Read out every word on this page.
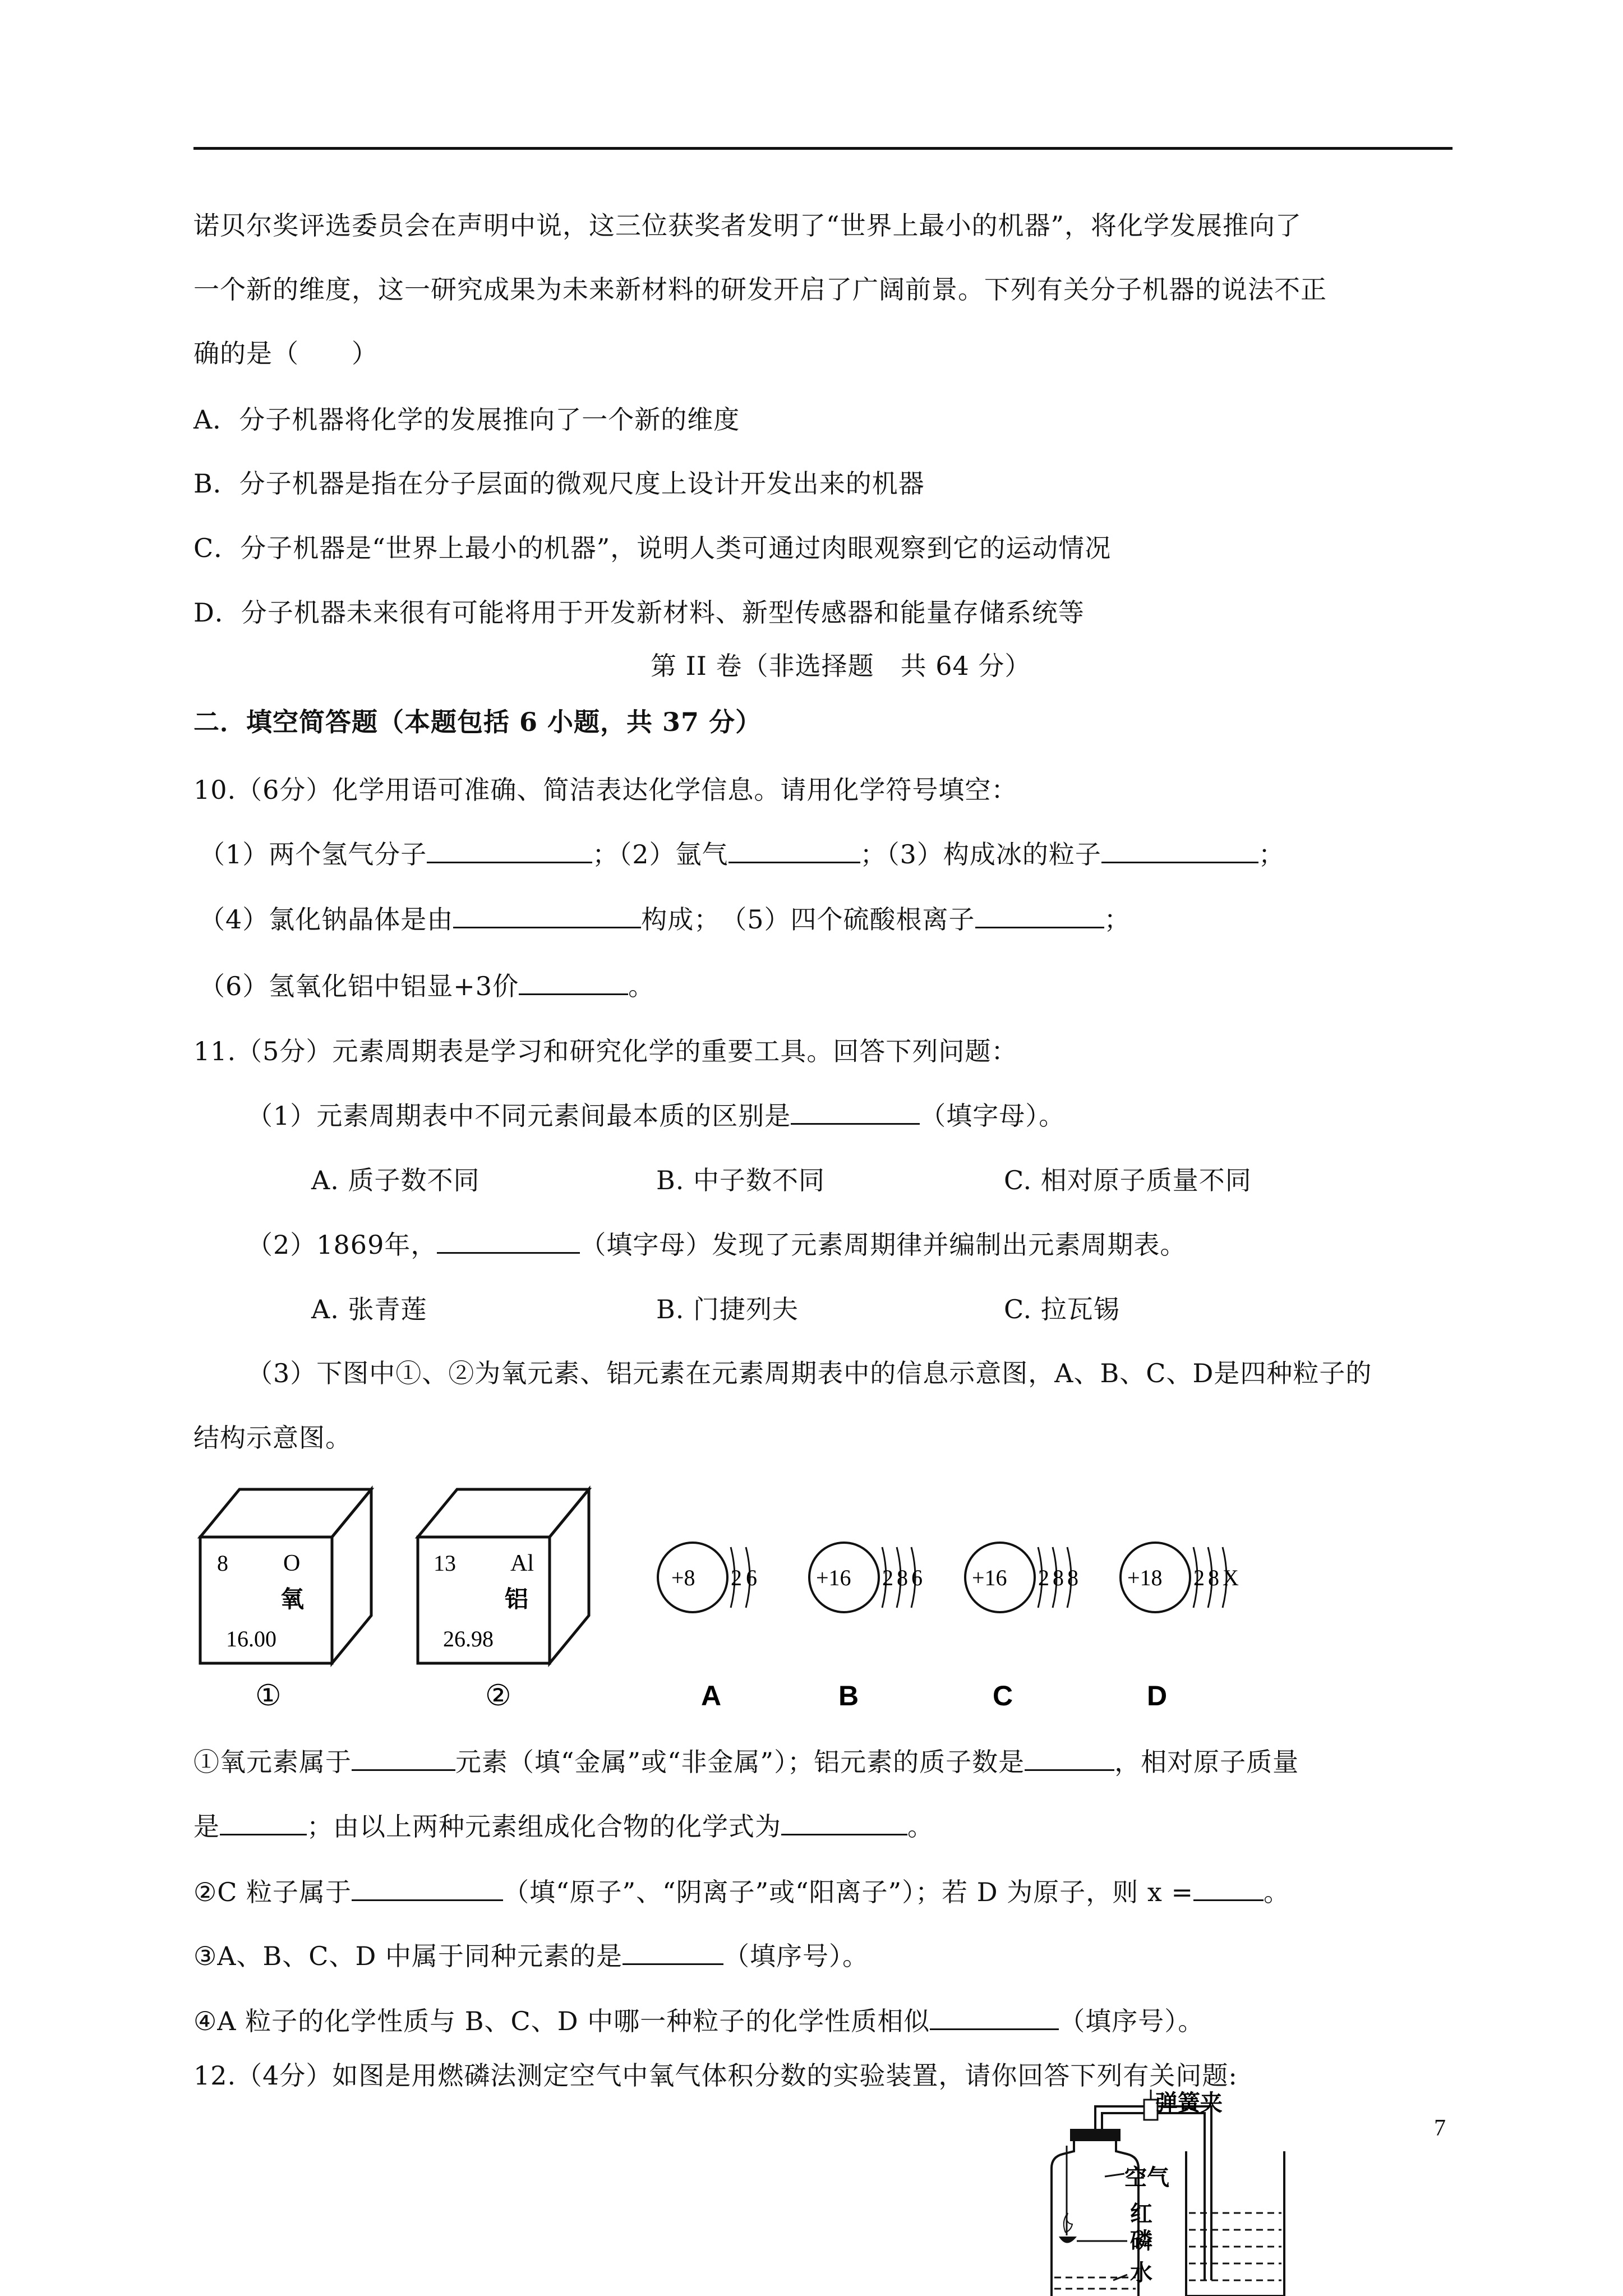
诺贝尔奖评选委员会在声明中说，这三位获奖者发明了“世界上最小的机器”，将化学发展推向了
一个新的维度，这一研究成果为未来新材料的研发开启了广阔前景。下列有关分子机器的说法不正
确的是（　　）
A．分子机器将化学的发展推向了一个新的维度
B．分子机器是指在分子层面的微观尺度上设计开发出来的机器
C．分子机器是“世界上最小的机器”，说明人类可通过肉眼观察到它的运动情况
D．分子机器未来很有可能将用于开发新材料、新型传感器和能量存储系统等
第 II 卷（非选择题　共 64 分）
二．填空简答题（本题包括 6 小题，共 37 分）
10.（6分）化学用语可准确、简洁表达化学信息。请用化学符号填空：
（1）两个氢气分子	；（2）氩气	；（3）构成冰的粒子	；
（4）氯化钠晶体是由	构成；　（5）四个硫酸根离子	；
（6）氢氧化铝中铝显+3价	。
11.（5分）元素周期表是学习和研究化学的重要工具。回答下列问题：
（1）元素周期表中不同元素间最本质的区别是	（填字母）。
A. 质子数不同	B. 中子数不同	C. 相对原子质量不同
（2）1869年，	（填字母）发现了元素周期律并编制出元素周期表。
A. 张青莲	B. 门捷列夫	C. 拉瓦锡
（3）下图中①、②为氧元素、铝元素在元素周期表中的信息示意图，A、B、C、D是四种粒子的
结构示意图。
8 O
氧
16.00
①
13 Al
铝
26.98
②
+8 2 6
A
+16 2 8 6
B
+16 2 8 8
C
+18 2 8 X
D
①氧元素属于	元素（填“金属”或“非金属”）；铝元素的质子数是	，相对原子质量
是	；由以上两种元素组成化合物的化学式为	。
②C 粒子属于	（填“原子”、“阴离子”或“阳离子”）；若 D 为原子，则 x =	。
③A、B、C、D 中属于同种元素的是	（填序号）。
④A 粒子的化学性质与 B、C、D 中哪一种粒子的化学性质相似	（填序号）。
12.（4分）如图是用燃磷法测定空气中氧气体积分数的实验装置，请你回答下列有关问题:
弹簧夹
空气
红
磷
水
7
